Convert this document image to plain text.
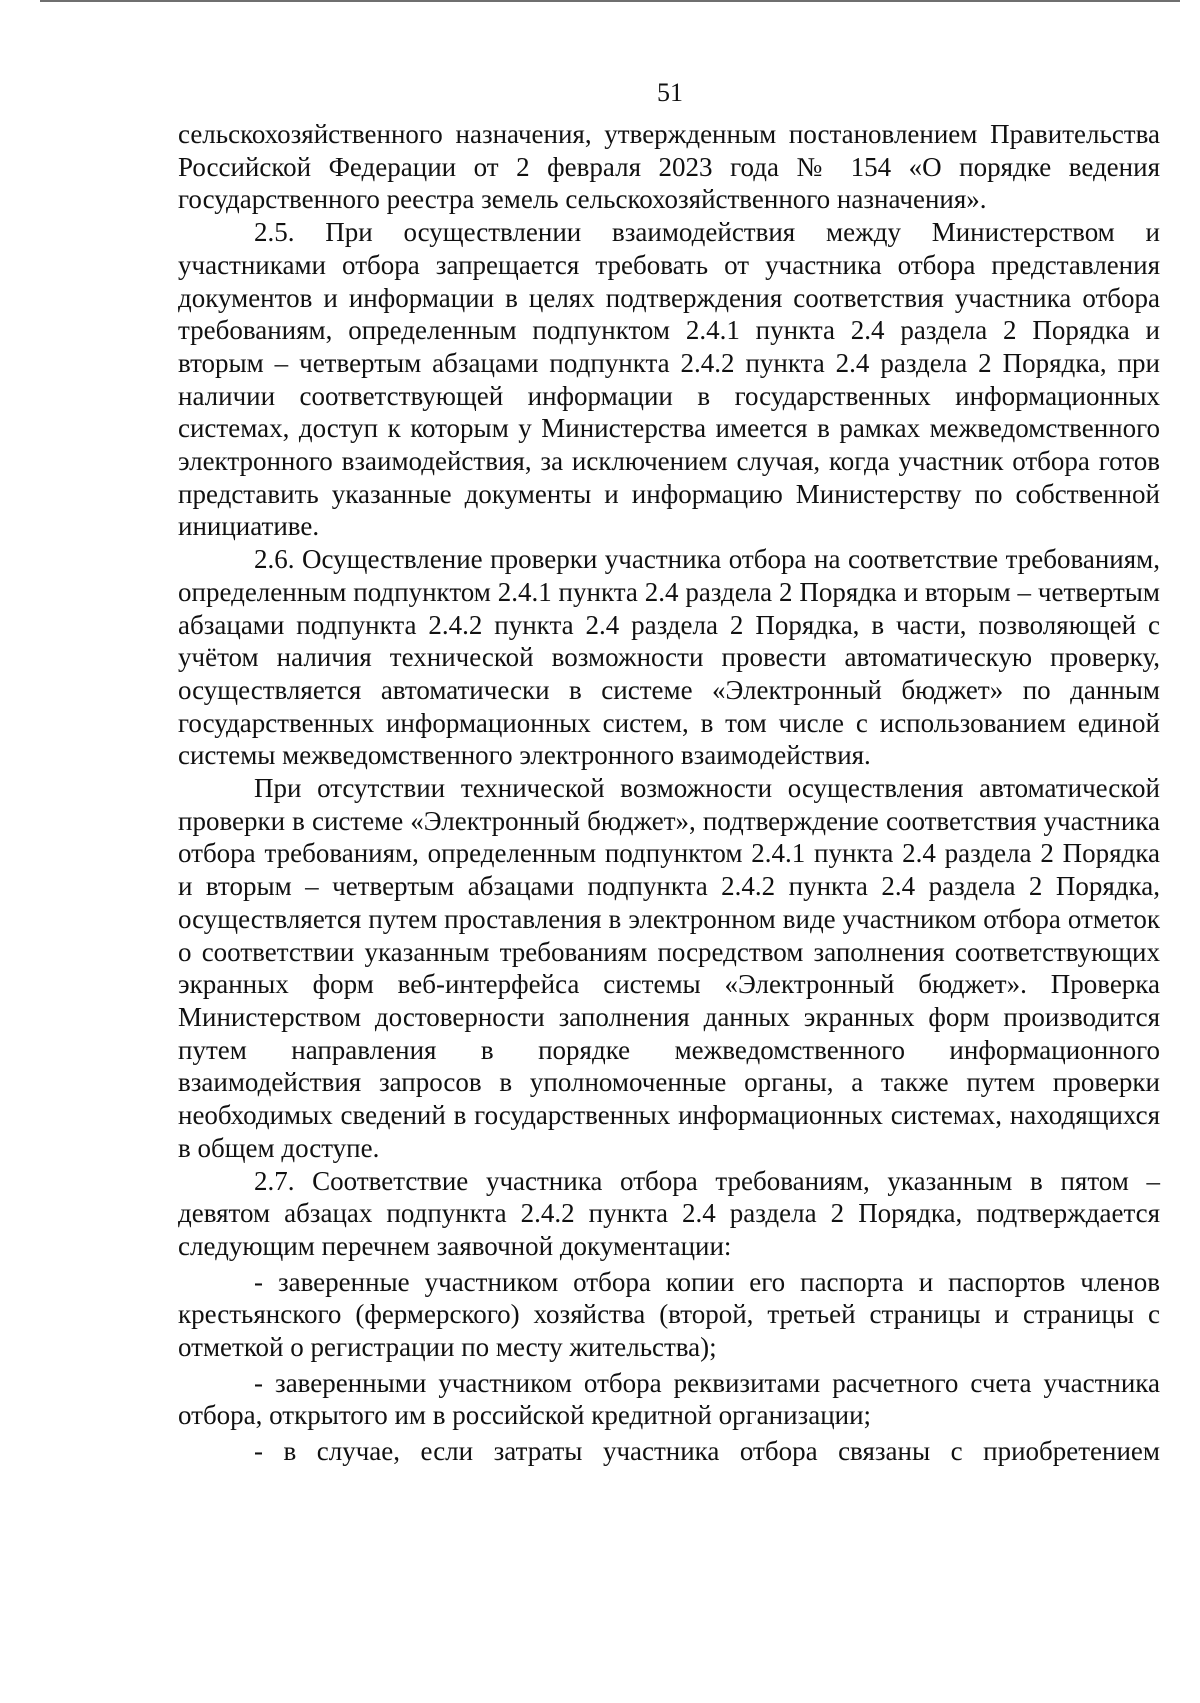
51

сельскохозяйственного назначения, утвержденным постановлением Правительства Российской Федерации от 2 февраля 2023 года № 154 «О порядке ведения государственного реестра земель сельскохозяйственного назначения».

2.5. При осуществлении взаимодействия между Министерством и участниками отбора запрещается требовать от участника отбора представления документов и информации в целях подтверждения соответствия участника отбора требованиям, определенным подпунктом 2.4.1 пункта 2.4 раздела 2 Порядка и вторым – четвертым абзацами подпункта 2.4.2 пункта 2.4 раздела 2 Порядка, при наличии соответствующей информации в государственных информационных системах, доступ к которым у Министерства имеется в рамках межведомственного электронного взаимодействия, за исключением случая, когда участник отбора готов представить указанные документы и информацию Министерству по собственной инициативе.

2.6. Осуществление проверки участника отбора на соответствие требованиям, определенным подпунктом 2.4.1 пункта 2.4 раздела 2 Порядка и вторым – четвертым абзацами подпункта 2.4.2 пункта 2.4 раздела 2 Порядка, в части, позволяющей с учётом наличия технической возможности провести автоматическую проверку, осуществляется автоматически в системе «Электронный бюджет» по данным государственных информационных систем, в том числе с использованием единой системы межведомственного электронного взаимодействия.

При отсутствии технической возможности осуществления автоматической проверки в системе «Электронный бюджет», подтверждение соответствия участника отбора требованиям, определенным подпунктом 2.4.1 пункта 2.4 раздела 2 Порядка и вторым – четвертым абзацами подпункта 2.4.2 пункта 2.4 раздела 2 Порядка, осуществляется путем проставления в электронном виде участником отбора отметок о соответствии указанным требованиям посредством заполнения соответствующих экранных форм веб-интерфейса системы «Электронный бюджет». Проверка Министерством достоверности заполнения данных экранных форм производится путем направления в порядке межведомственного информационного взаимодействия запросов в уполномоченные органы, а также путем проверки необходимых сведений в государственных информационных системах, находящихся в общем доступе.

2.7. Соответствие участника отбора требованиям, указанным в пятом – девятом абзацах подпункта 2.4.2 пункта 2.4 раздела 2 Порядка, подтверждается следующим перечнем заявочной документации:

- заверенные участником отбора копии его паспорта и паспортов членов крестьянского (фермерского) хозяйства (второй, третьей страницы и страницы с отметкой о регистрации по месту жительства);

- заверенными участником отбора реквизитами расчетного счета участника отбора, открытого им в российской кредитной организации;

- в случае, если затраты участника отбора связаны с приобретением
